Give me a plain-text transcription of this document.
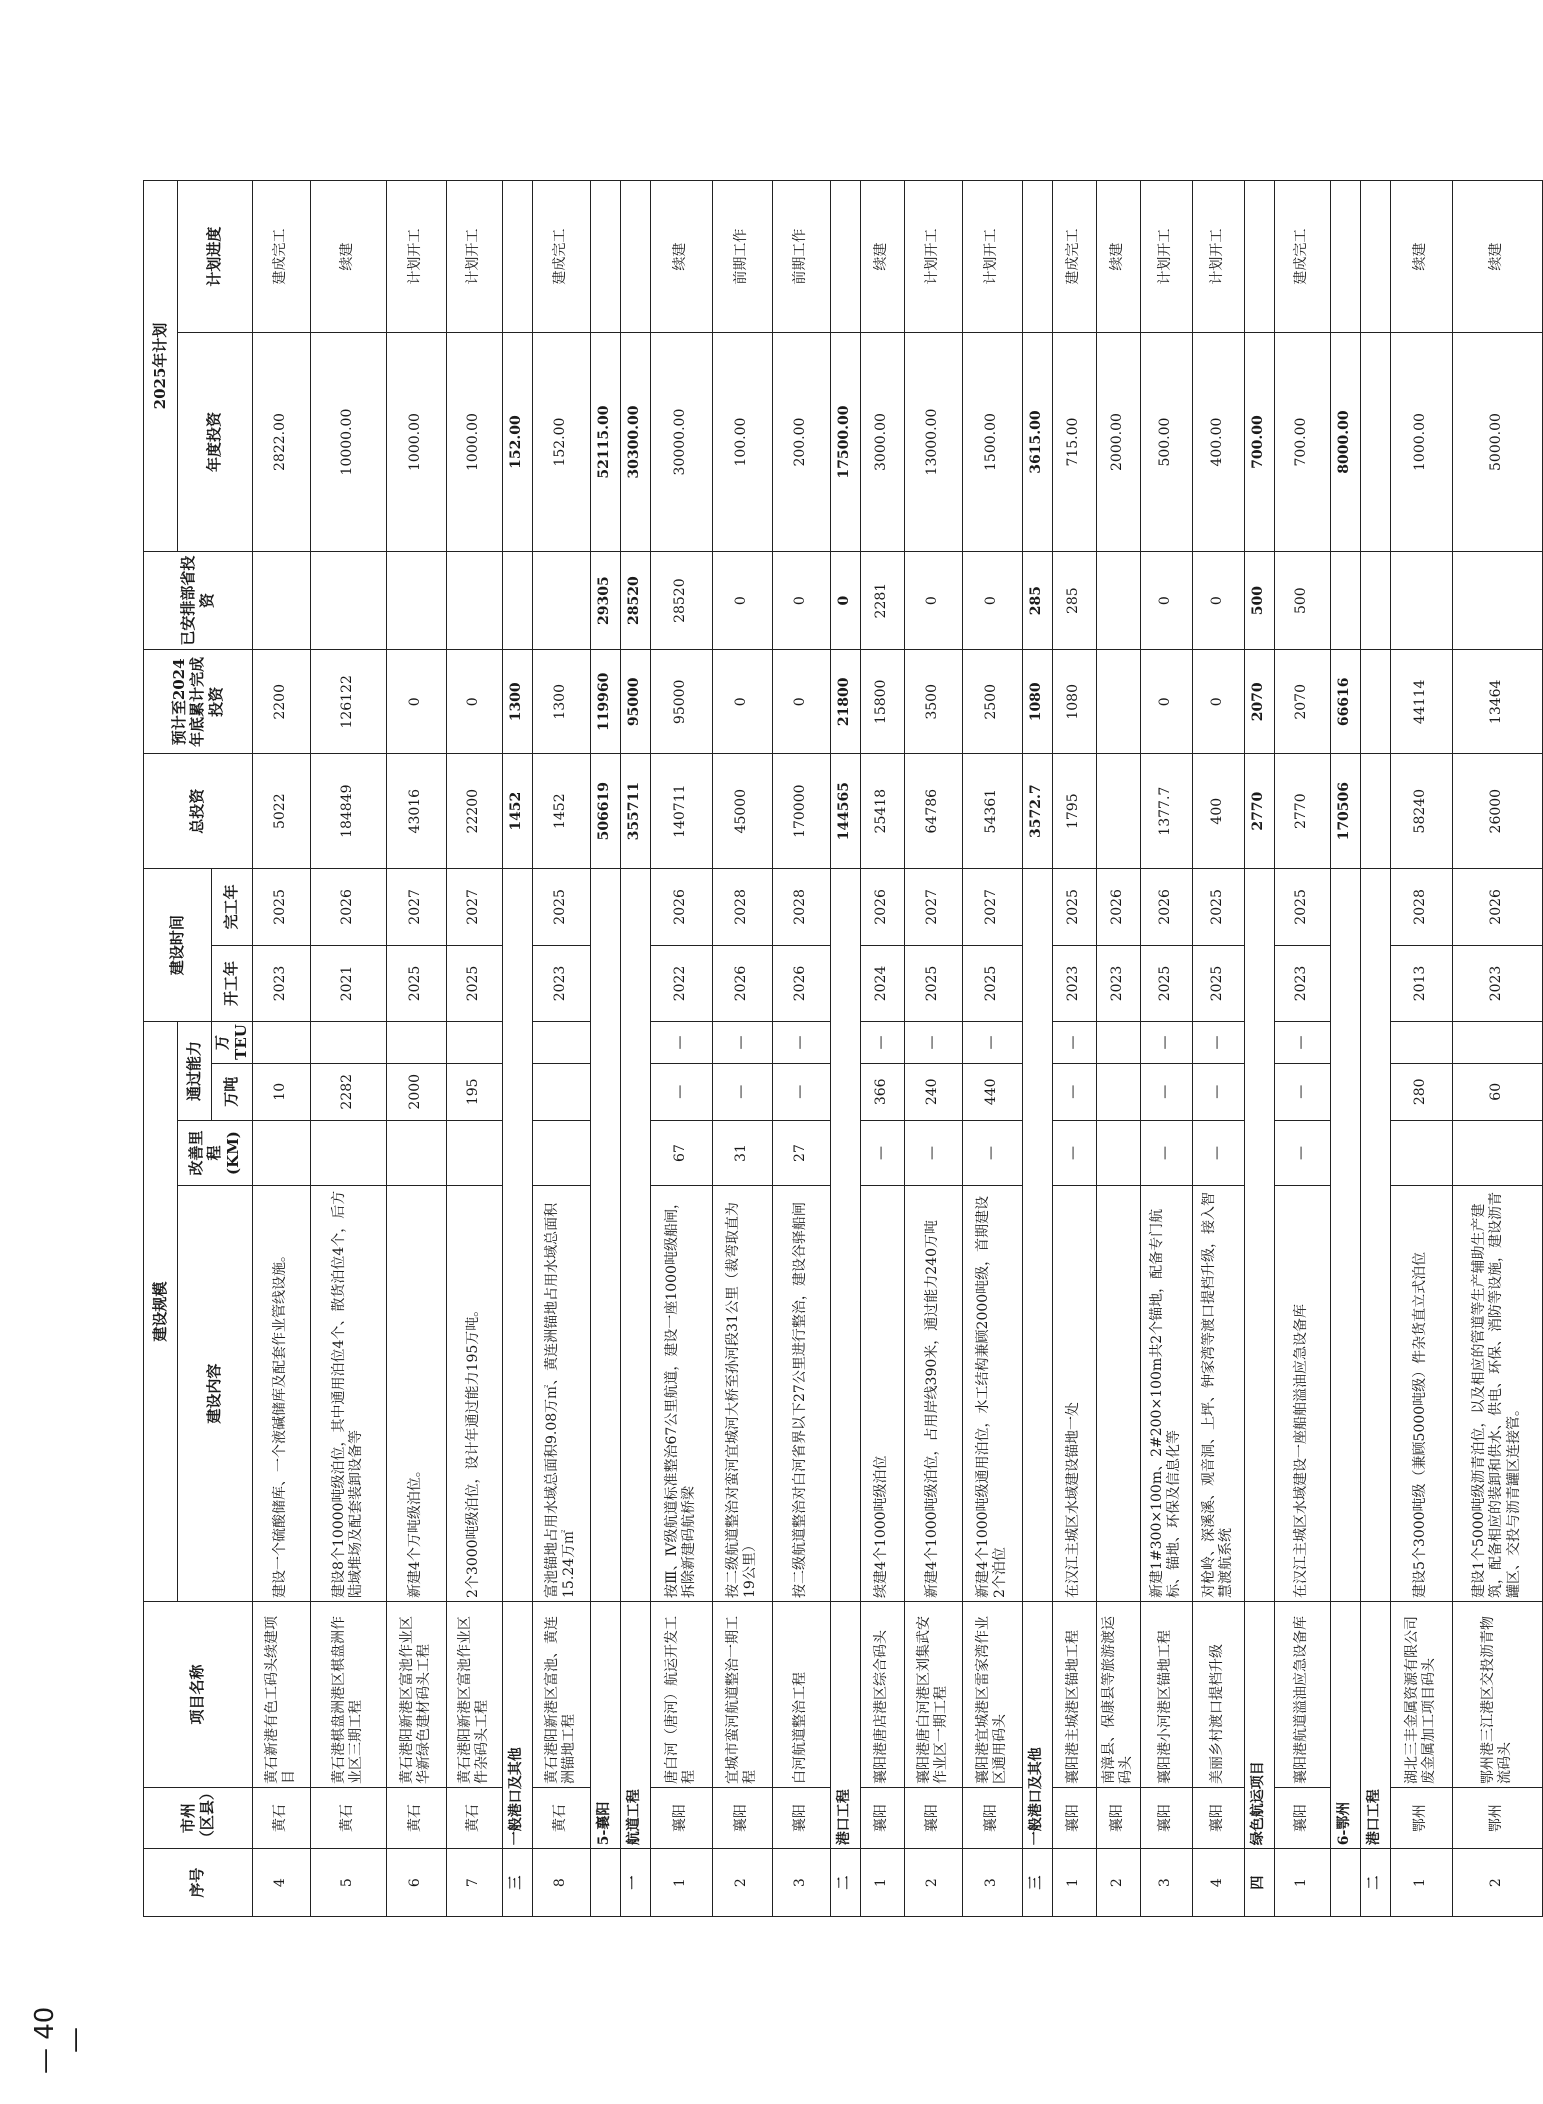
序号	市州（区县）	项目名称	建设规模				建设时间		总投资	预计至2024年底累计完成投资	已安排部省投资	2025年计划	
			建设内容	改善里程(KM)	通过能力							年度投资	计划进度
					万吨	万TEU	开工年	完工年					
4	黄石	黄石新港有色工码头续建项目	建设一个硫酸储库、一个液碱储库及配套作业管线设施。		10		2023	2025	5022	2200		2822.00	建成完工
5	黄石	黄石港棋盘洲港区棋盘洲作业区三期工程	建设8个10000吨级泊位，其中通用泊位4个、散货泊位4个，后方陆域堆场及配套装卸设备等		2282		2021	2026	184849	126122		10000.00	续建
6	黄石	黄石港阳新港区富池作业区华新绿色建材码头工程	新建4个万吨级泊位。		2000		2025	2027	43016	0		1000.00	计划开工
7	黄石	黄石港阳新港区富池作业区件杂码头工程	2个3000吨级泊位，设计年通过能力195万吨。		195		2025	2027	22200	0		1000.00	计划开工
三	一般港口及其他								1452	1300		152.00	
8	黄石	黄石港阳新港区富池、黄连洲锚地工程	富池锚地占用水域总面积9.08万㎡、黄连洲锚地占用水域总面积15.24万㎡				2023	2025	1452	1300		152.00	建成完工
	5-襄阳								506619	119960	29305	52115.00	
一	航道工程								355711	95000	28520	30300.00	
1	襄阳	唐白河（唐河）航运开发工程	按Ⅲ、Ⅳ级航道标准整治67公里航道，建设一座1000吨级船闸，拆除新建码航桥梁	67	—	—	2022	2026	140711	95000	28520	30000.00	续建
2	襄阳	宜城市蛮河航道整治一期工程	按二级航道整治对蛮河宜城河大桥至孙河段31公里（裁弯取直为19公里）	31	—	—	2026	2028	45000	0	0	100.00	前期工作
3	襄阳	白河航道整治工程	按二级航道整治对白河省界以下27公里进行整治，建设谷驿船闸	27	—	—	2026	2028	170000	0	0	200.00	前期工作
二	港口工程								144565	21800	0	17500.00	
1	襄阳	襄阳港唐店港区综合码头	续建4个1000吨级泊位	—	366	—	2024	2026	25418	15800	2281	3000.00	续建
2	襄阳	襄阳港唐白河港区刘集武安作业区一期工程	新建4个1000吨级泊位，占用岸线390米，通过能力240万吨	—	240	—	2025	2027	64786	3500	0	13000.00	计划开工
3	襄阳	襄阳港宜城港区雷家湾作业区通用码头	新建4个1000吨级通用泊位，水工结构兼顾2000吨级，首期建设2个泊位	—	440	—	2025	2027	54361	2500	0	1500.00	计划开工
三	一般港口及其他								3572.7	1080	285	3615.00	
1	襄阳	襄阳港主城港区锚地工程	在汉江主城区水域建设锚地一处	—	—	—	2023	2025	1795	1080	285	715.00	建成完工
2	襄阳	南漳县、保康县等旅游渡运码头					2023	2026				2000.00	续建
3	襄阳	襄阳港小河港区锚地工程	新建1#300×100m、2#200×100m共2个锚地，配备专门航标、锚地、环保及信息化等	—	—	—	2025	2026	1377.7	0	0	500.00	计划开工
4	襄阳	美丽乡村渡口提档升级	对枪岭、深溪溪、观音洞、上坪、钟家湾等渡口提档升级，接入智慧渡航系统	—	—	—	2025	2025	400	0	0	400.00	计划开工
四	绿色航运项目								2770	2070	500	700.00	
1	襄阳	襄阳港航道溢油应急设备库	在汉江主城区水域建设一座船舶溢油应急设备库	—	—	—	2023	2025	2770	2070	500	700.00	建成完工
	6-鄂州								170506	66616		8000.00	
二	港口工程												
1	鄂州	湖北三丰金属资源有限公司废金属加工项目码头	建设5个3000吨级（兼顾5000吨级）件杂货直立式泊位		280		2013	2028	58240	44114		1000.00	续建
2	鄂州	鄂州港三江港区交投沥青物流码头	建设1个5000吨级沥青泊位，以及相应的管道等生产辅助生产建筑，配备相应的装卸和供水、供电、环保、消防等设施，建设沥青罐区、交投与沥青罐区连接管。		60		2023	2026	26000	13464		5000.00	续建
— 40 —
